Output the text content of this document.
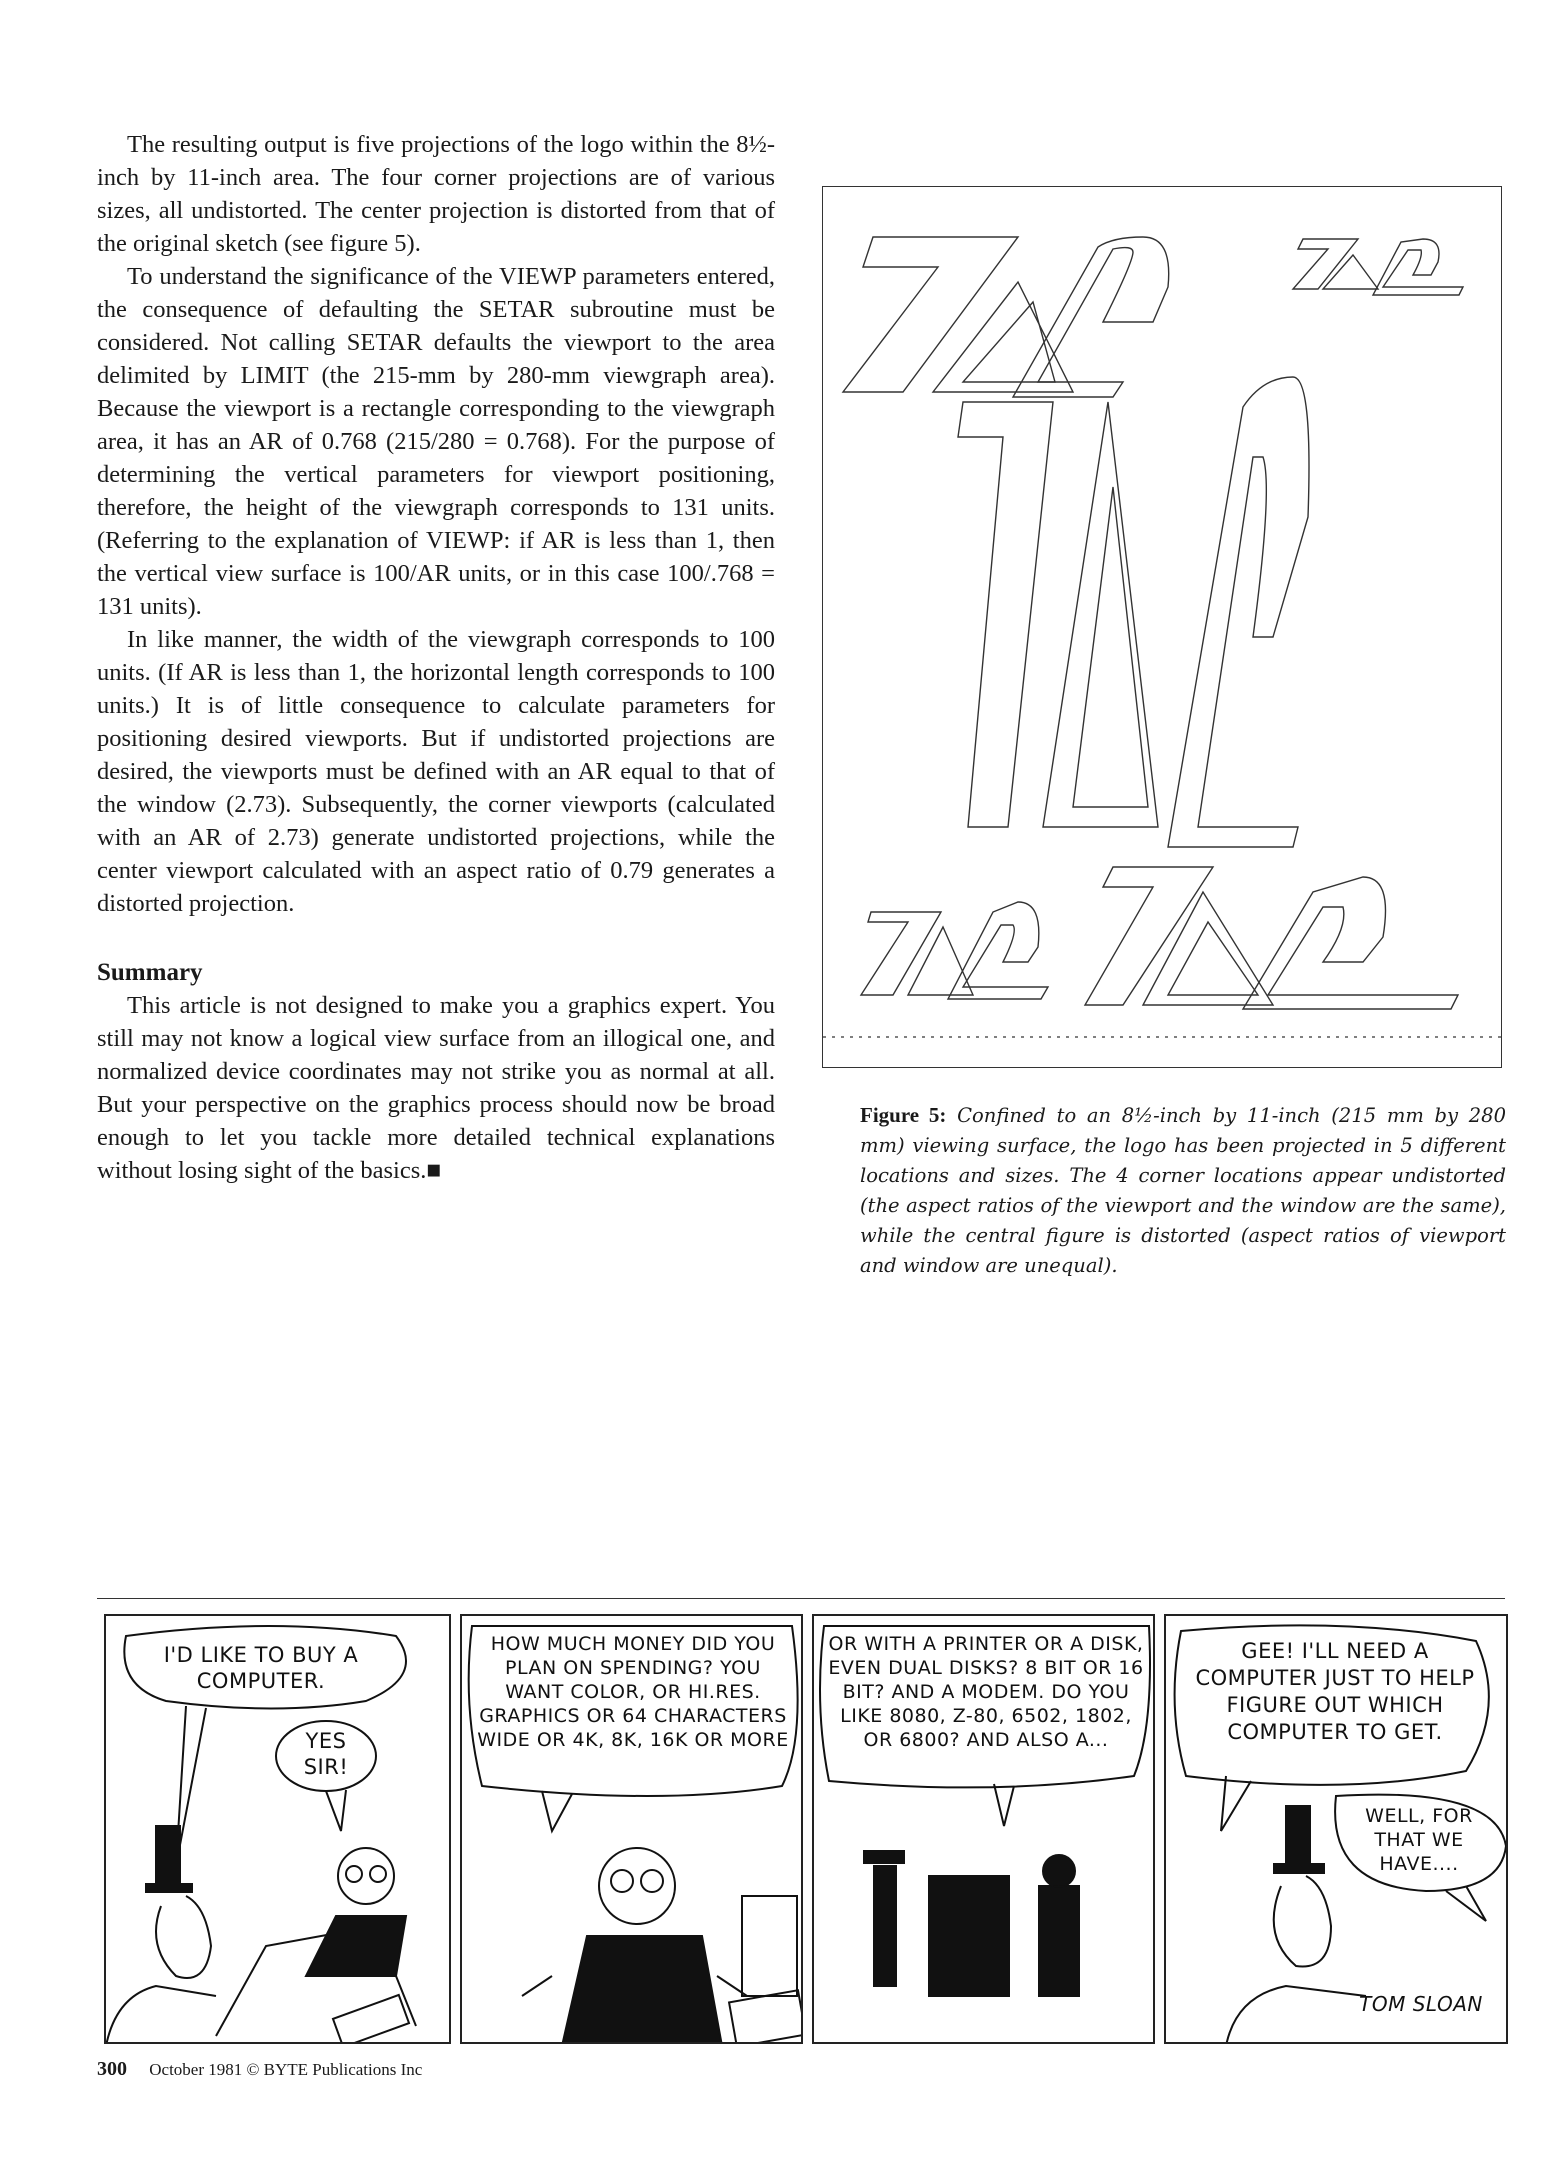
The resulting output is five projections of the logo within the 8½-inch by 11-inch area. The four corner projections are of various sizes, all undistorted. The center projection is distorted from that of the original sketch (see figure 5).

To understand the significance of the VIEWP parameters entered, the consequence of defaulting the SETAR subroutine must be considered. Not calling SETAR defaults the viewport to the area delimited by LIMIT (the 215-mm by 280-mm viewgraph area). Because the viewport is a rectangle corresponding to the viewgraph area, it has an AR of 0.768 (215/280 = 0.768). For the purpose of determining the vertical parameters for viewport positioning, therefore, the height of the viewgraph corresponds to 131 units. (Referring to the explanation of VIEWP: if AR is less than 1, then the vertical view surface is 100/AR units, or in this case 100/.768 = 131 units).

In like manner, the width of the viewgraph corresponds to 100 units. (If AR is less than 1, the horizontal length corresponds to 100 units.) It is of little consequence to calculate parameters for positioning desired viewports. But if undistorted projections are desired, the viewports must be defined with an AR equal to that of the window (2.73). Subsequently, the corner viewports (calculated with an AR of 2.73) generate undistorted projections, while the center viewport calculated with an aspect ratio of 0.79 generates a distorted projection.

Summary

This article is not designed to make you a graphics expert. You still may not know a logical view surface from an illogical one, and normalized device coordinates may not strike you as normal at all. But your perspective on the graphics process should now be broad enough to let you tackle more detailed technical explanations without losing sight of the basics.■

Figure 5: Confined to an 8½-inch by 11-inch (215 mm by 280 mm) viewing surface, the logo has been projected in 5 different locations and sizes. The 4 corner locations appear undistorted (the aspect ratios of the viewport and the window are the same), while the central figure is distorted (aspect ratios of viewport and window are unequal).
I'D LIKE TO BUY A COMPUTER.
YES SIR!
HOW MUCH MONEY DID YOU PLAN ON SPENDING? YOU WANT COLOR, OR HI.RES. GRAPHICS OR 64 CHARACTERS WIDE OR 4K, 8K, 16K OR MORE
OR WITH A PRINTER OR A DISK, EVEN DUAL DISKS? 8 BIT OR 16 BIT? AND A MODEM. DO YOU LIKE 8080, Z-80, 6502, 1802, OR 6800? AND ALSO A...
GEE! I'LL NEED A COMPUTER JUST TO HELP FIGURE OUT WHICH COMPUTER TO GET.
WELL, FOR THAT WE HAVE....
TOM SLOAN
300 October 1981 © BYTE Publications Inc
